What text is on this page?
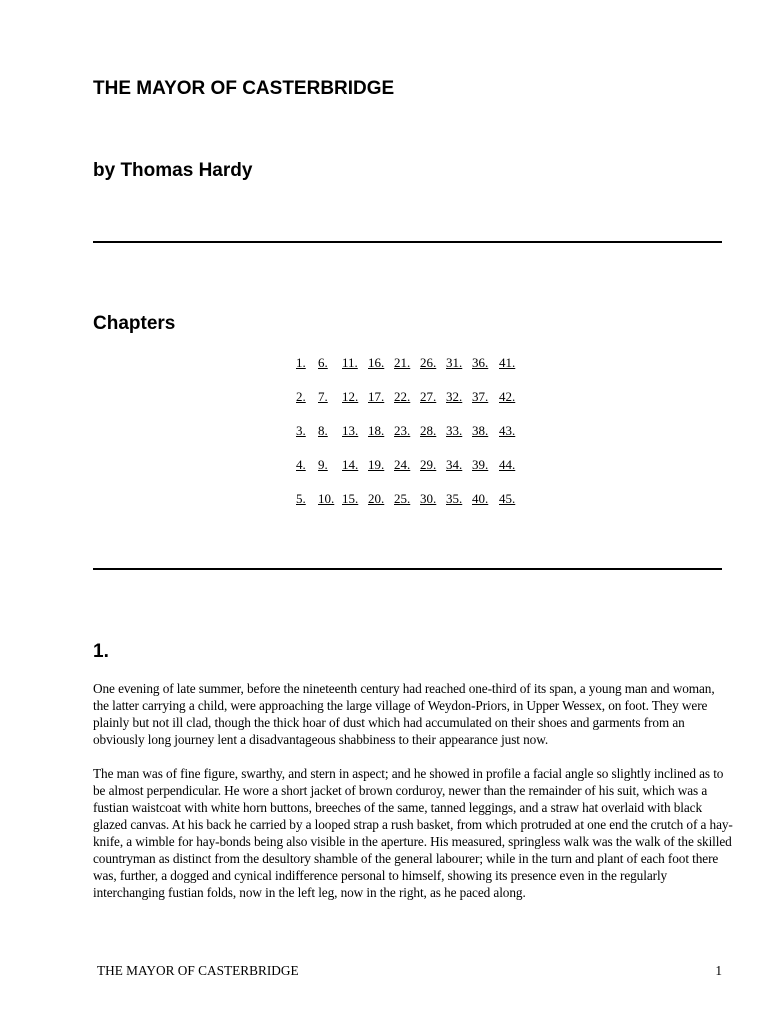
THE MAYOR OF CASTERBRIDGE
by Thomas Hardy
Chapters
1. 6. 11. 16. 21. 26. 31. 36. 41.
2. 7. 12. 17. 22. 27. 32. 37. 42.
3. 8. 13. 18. 23. 28. 33. 38. 43.
4. 9. 14. 19. 24. 29. 34. 39. 44.
5. 10. 15. 20. 25. 30. 35. 40. 45.
1.

One evening of late summer, before the nineteenth century had reached one-third of its span, a young man and woman, the latter carrying a child, were approaching the large village of Weydon-Priors, in Upper Wessex, on foot. They were plainly but not ill clad, though the thick hoar of dust which had accumulated on their shoes and garments from an obviously long journey lent a disadvantageous shabbiness to their appearance just now.

The man was of fine figure, swarthy, and stern in aspect; and he showed in profile a facial angle so slightly inclined as to be almost perpendicular. He wore a short jacket of brown corduroy, newer than the remainder of his suit, which was a fustian waistcoat with white horn buttons, breeches of the same, tanned leggings, and a straw hat overlaid with black glazed canvas. At his back he carried by a looped strap a rush basket, from which protruded at one end the crutch of a hay-knife, a wimble for hay-bonds being also visible in the aperture. His measured, springless walk was the walk of the skilled countryman as distinct from the desultory shamble of the general labourer; while in the turn and plant of each foot there was, further, a dogged and cynical indifference personal to himself, showing its presence even in the regularly interchanging fustian folds, now in the left leg, now in the right, as he paced along.

THE MAYOR OF CASTERBRIDGE	1
